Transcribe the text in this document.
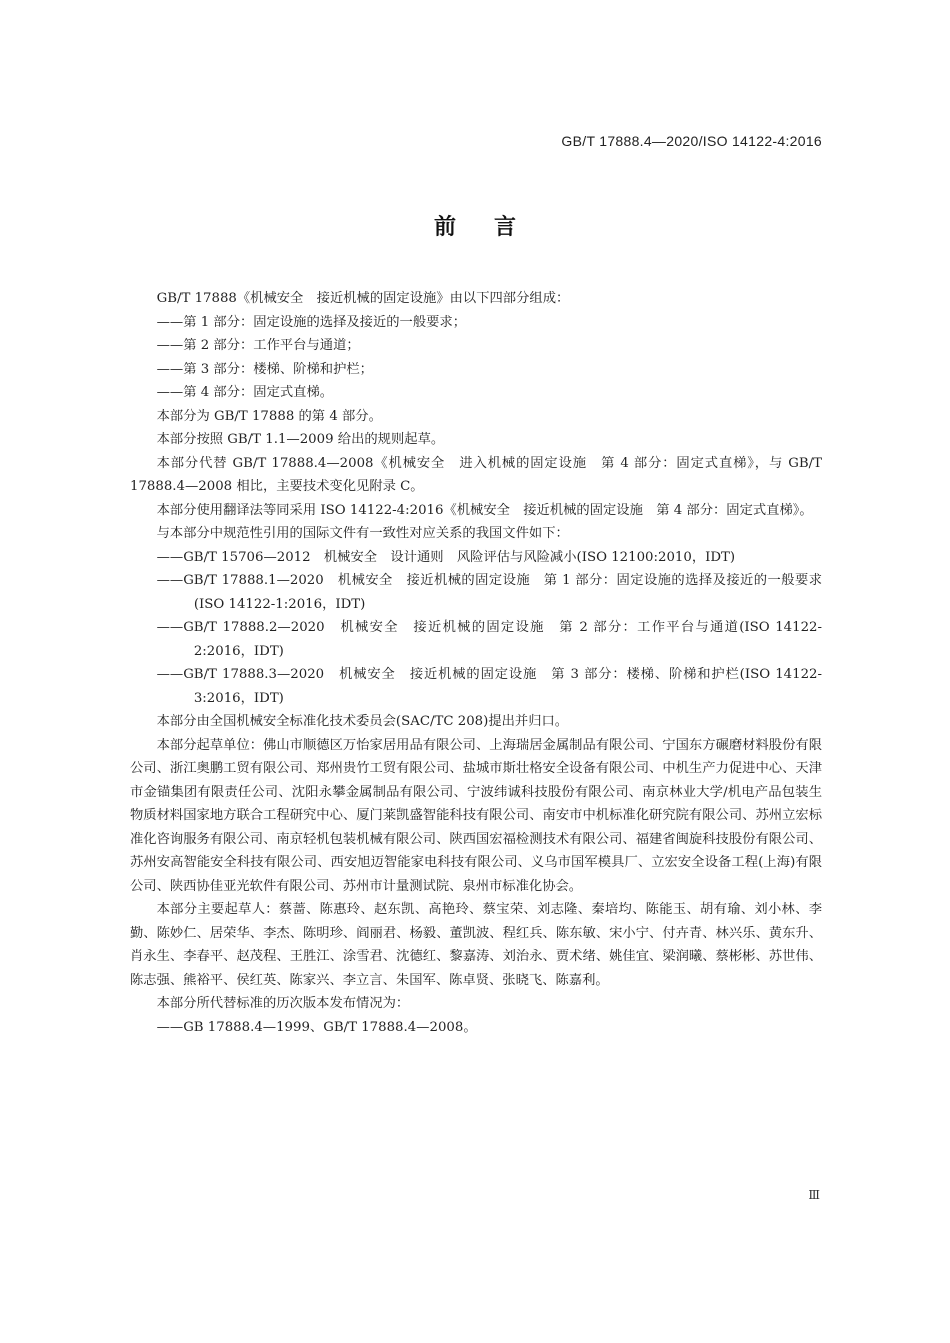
GB/T 17888.4—2020/ISO 14122-4:2016
前言

GB/T 17888《机械安全　接近机械的固定设施》由以下四部分组成：

——第 1 部分：固定设施的选择及接近的一般要求；

——第 2 部分：工作平台与通道；

——第 3 部分：楼梯、阶梯和护栏；

——第 4 部分：固定式直梯。

本部分为 GB/T 17888 的第 4 部分。

本部分按照 GB/T 1.1—2009 给出的规则起草。

本部分代替 GB/T 17888.4—2008《机械安全　进入机械的固定设施　第 4 部分：固定式直梯》，与 GB/T 17888.4—2008 相比，主要技术变化见附录 C。

本部分使用翻译法等同采用 ISO 14122-4:2016《机械安全　接近机械的固定设施　第 4 部分：固定式直梯》。

与本部分中规范性引用的国际文件有一致性对应关系的我国文件如下：

——GB/T 15706—2012　机械安全　设计通则　风险评估与风险减小(ISO 12100:2010，IDT)

——GB/T 17888.1—2020　机械安全　接近机械的固定设施　第 1 部分：固定设施的选择及接近的一般要求(ISO 14122-1:2016，IDT)

——GB/T 17888.2—2020　机械安全　接近机械的固定设施　第 2 部分：工作平台与通道(ISO 14122-2:2016，IDT)

——GB/T 17888.3—2020　机械安全　接近机械的固定设施　第 3 部分：楼梯、阶梯和护栏(ISO 14122-3:2016，IDT)

本部分由全国机械安全标准化技术委员会(SAC/TC 208)提出并归口。

本部分起草单位：佛山市顺德区万怡家居用品有限公司、上海瑞居金属制品有限公司、宁国东方碾磨材料股份有限公司、浙江奥鹏工贸有限公司、郑州贵竹工贸有限公司、盐城市斯壮格安全设备有限公司、中机生产力促进中心、天津市金锚集团有限责任公司、沈阳永攀金属制品有限公司、宁波纬诚科技股份有限公司、南京林业大学/机电产品包装生物质材料国家地方联合工程研究中心、厦门莱凯盛智能科技有限公司、南安市中机标准化研究院有限公司、苏州立宏标准化咨询服务有限公司、南京轻机包装机械有限公司、陕西国宏福检测技术有限公司、福建省闽旋科技股份有限公司、苏州安高智能安全科技有限公司、西安旭迈智能家电科技有限公司、义乌市国军模具厂、立宏安全设备工程(上海)有限公司、陕西协佳亚光软件有限公司、苏州市计量测试院、泉州市标准化协会。

本部分主要起草人：蔡蔷、陈惠玲、赵东凯、高艳玲、蔡宝荣、刘志隆、秦培均、陈能玉、胡有瑜、刘小林、李勤、陈妙仁、居荣华、李杰、陈明珍、阎丽君、杨毅、董凯波、程红兵、陈东敏、宋小宁、付卉青、林兴乐、黄东升、肖永生、李春平、赵茂程、王胜江、涂雪君、沈德红、黎嘉涛、刘治永、贾术绪、姚佳宜、梁润曦、蔡彬彬、苏世伟、陈志强、熊裕平、侯红英、陈家兴、李立言、朱国军、陈卓贤、张晓飞、陈嘉利。

本部分所代替标准的历次版本发布情况为：

——GB 17888.4—1999、GB/T 17888.4—2008。

Ⅲ
